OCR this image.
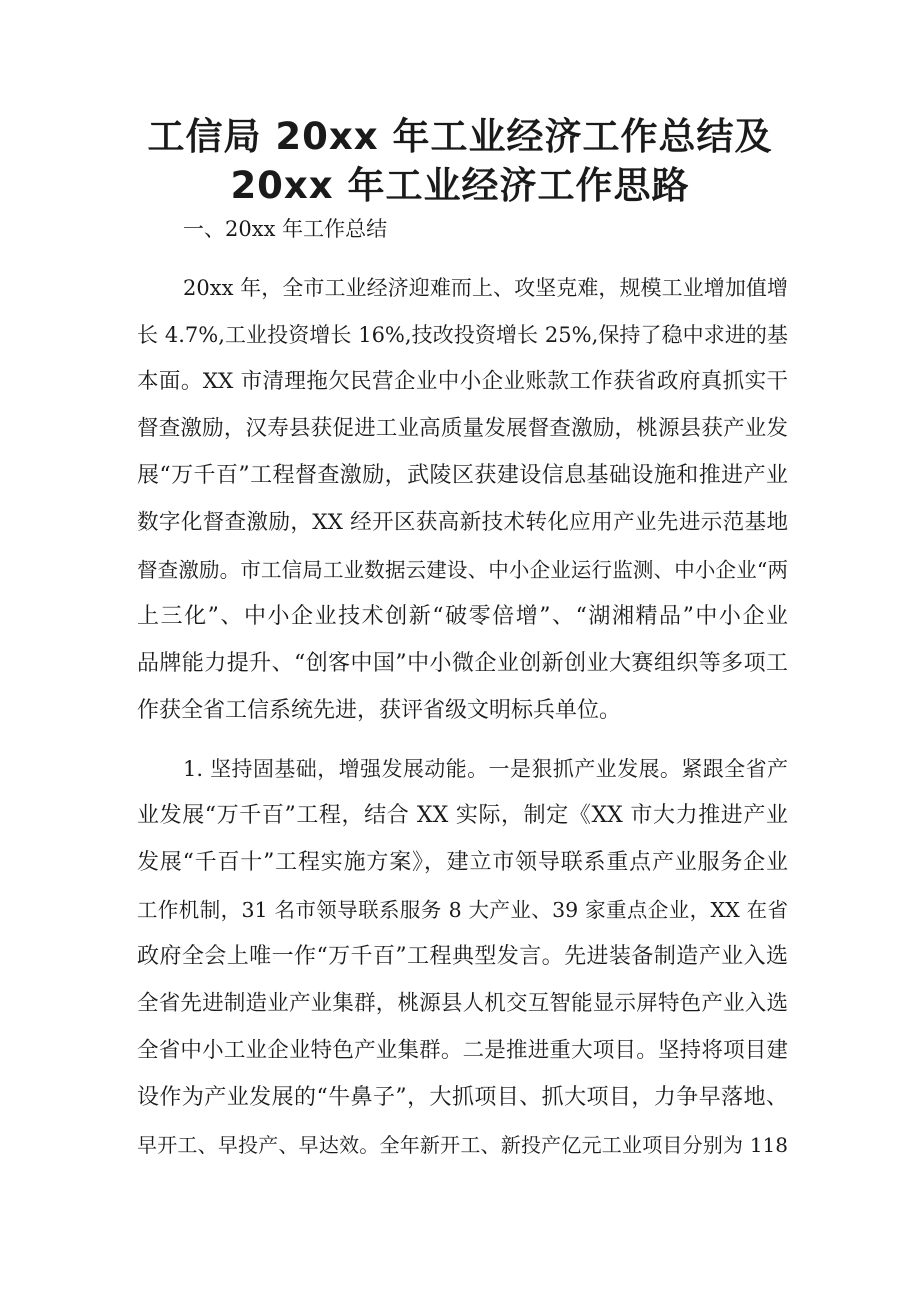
工信局 20xx 年工业经济工作总结及
20xx 年工业经济工作思路
一、20xx 年工作总结
20xx 年，全市工业经济迎难而上、攻坚克难，规模工业增加值增
长 4.7%,工业投资增长 16%,技改投资增长 25%,保持了稳中求进的基
本面。XX 市清理拖欠民营企业中小企业账款工作获省政府真抓实干
督查激励，汉寿县获促进工业高质量发展督查激励，桃源县获产业发
展“万千百”工程督查激励，武陵区获建设信息基础设施和推进产业
数字化督查激励，XX 经开区获高新技术转化应用产业先进示范基地
督查激励。市工信局工业数据云建设、中小企业运行监测、中小企业“两
上三化”、中小企业技术创新“破零倍增”、“湖湘精品”中小企业
品牌能力提升、“创客中国”中小微企业创新创业大赛组织等多项工
作获全省工信系统先进，获评省级文明标兵单位。
1. 坚持固基础，增强发展动能。一是狠抓产业发展。紧跟全省产
业发展“万千百”工程，结合 XX 实际，制定《XX 市大力推进产业
发展“千百十”工程实施方案》，建立市领导联系重点产业服务企业
工作机制，31 名市领导联系服务 8 大产业、39 家重点企业，XX 在省
政府全会上唯一作“万千百”工程典型发言。先进装备制造产业入选
全省先进制造业产业集群，桃源县人机交互智能显示屏特色产业入选
全省中小工业企业特色产业集群。二是推进重大项目。坚持将项目建
设作为产业发展的“牛鼻子”，大抓项目、抓大项目，力争早落地、
早开工、早投产、早达效。全年新开工、新投产亿元工业项目分别为 118
